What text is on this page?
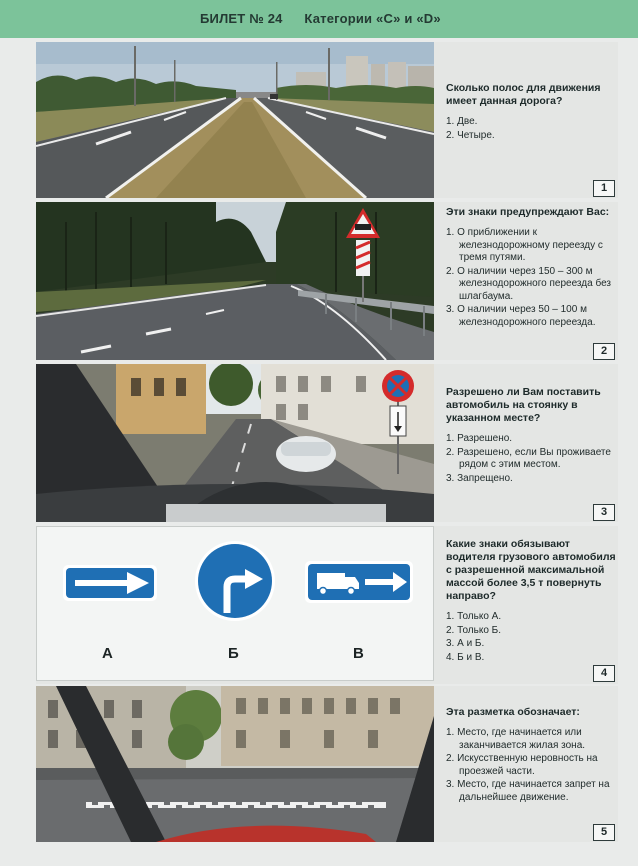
БИЛЕТ № 24 Категории «C» и «D»
Сколько полос для движения имеет данная дорога?
1. Две.
2. Четыре.
1
Эти знаки предупреждают Вас:
1. О приближении к железнодорожному переезду с тремя путями.
2. О наличии через 150 – 300 м железнодорожного переезда без шлагбаума.
3. О наличии через 50 – 100 м железнодорожного переезда.
2
Разрешено ли Вам поставить автомобиль на стоянку в указанном месте?
1. Разрешено.
2. Разрешено, если Вы проживаете рядом с этим местом.
3. Запрещено.
3
А	Б	В
Какие знаки обязывают водителя грузового автомобиля с разрешенной максимальной массой более 3,5 т повернуть направо?
1. Только А.
2. Только Б.
3. А и Б.
4. Б и В.
4
Эта разметка обозначает:
1. Место, где начинается или заканчивается жилая зона.
2. Искусственную неровность на проезжей части.
3. Место, где начинается запрет на дальнейшее движение.
5
